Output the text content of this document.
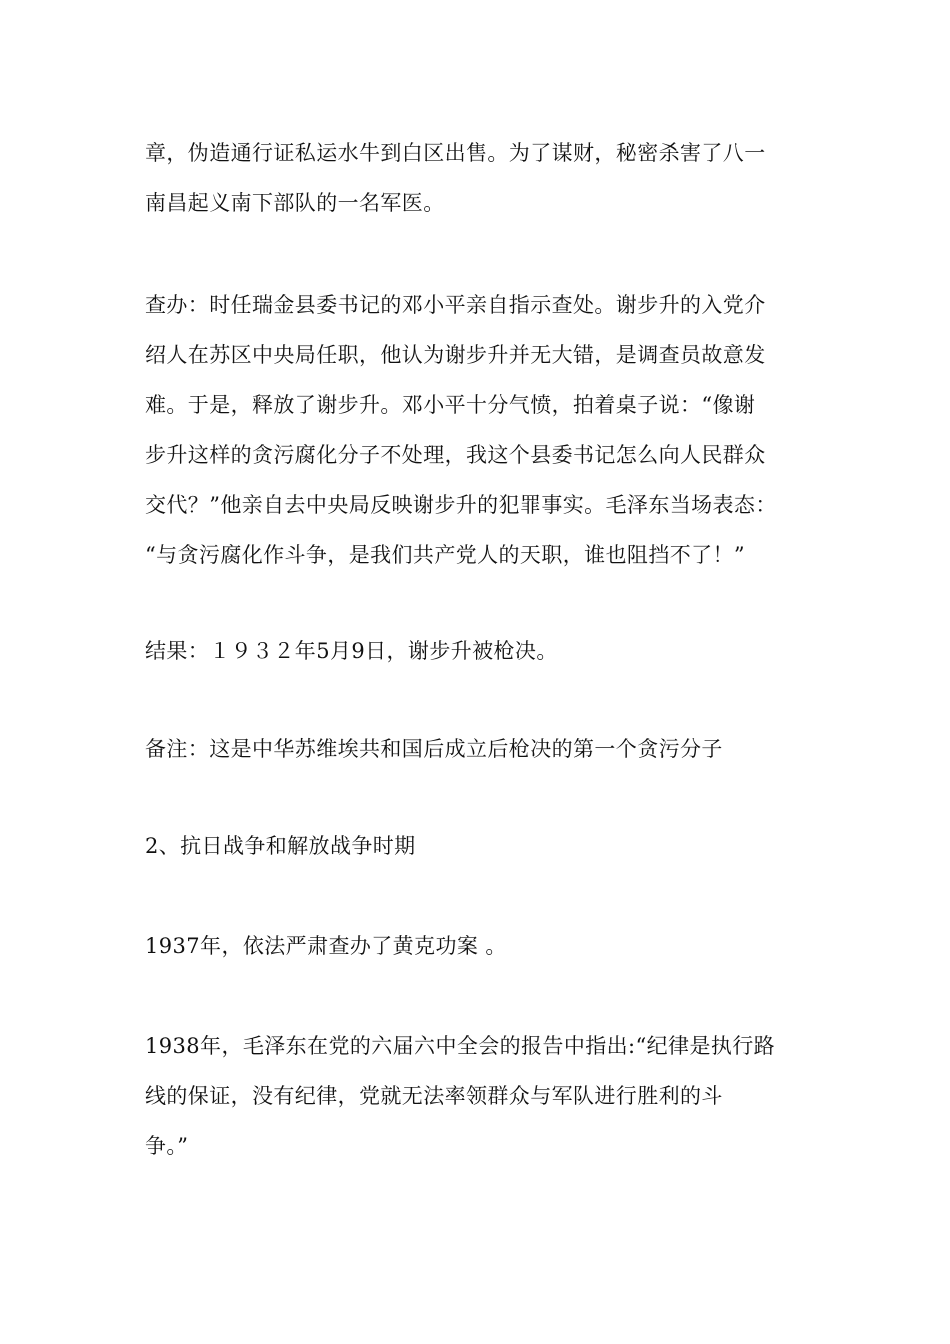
章，伪造通行证私运水牛到白区出售。为了谋财，秘密杀害了八一
南昌起义南下部队的一名军医。
查办：时任瑞金县委书记的邓小平亲自指示查处。谢步升的入党介
绍人在苏区中央局任职，他认为谢步升并无大错，是调查员故意发
难。于是，释放了谢步升。邓小平十分气愤，拍着桌子说：“像谢
步升这样的贪污腐化分子不处理，我这个县委书记怎么向人民群众
交代？”他亲自去中央局反映谢步升的犯罪事实。毛泽东当场表态：
“与贪污腐化作斗争，是我们共产党人的天职，谁也阻挡不了！”
结果：１９３２年5月9日，谢步升被枪决。
备注：这是中华苏维埃共和国后成立后枪决的第一个贪污分子
2、抗日战争和解放战争时期
1937年，依法严肃查办了黄克功案 。
1938年，毛泽东在党的六届六中全会的报告中指出:“纪律是执行路
线的保证，没有纪律，党就无法率领群众与军队进行胜利的斗
争。”
